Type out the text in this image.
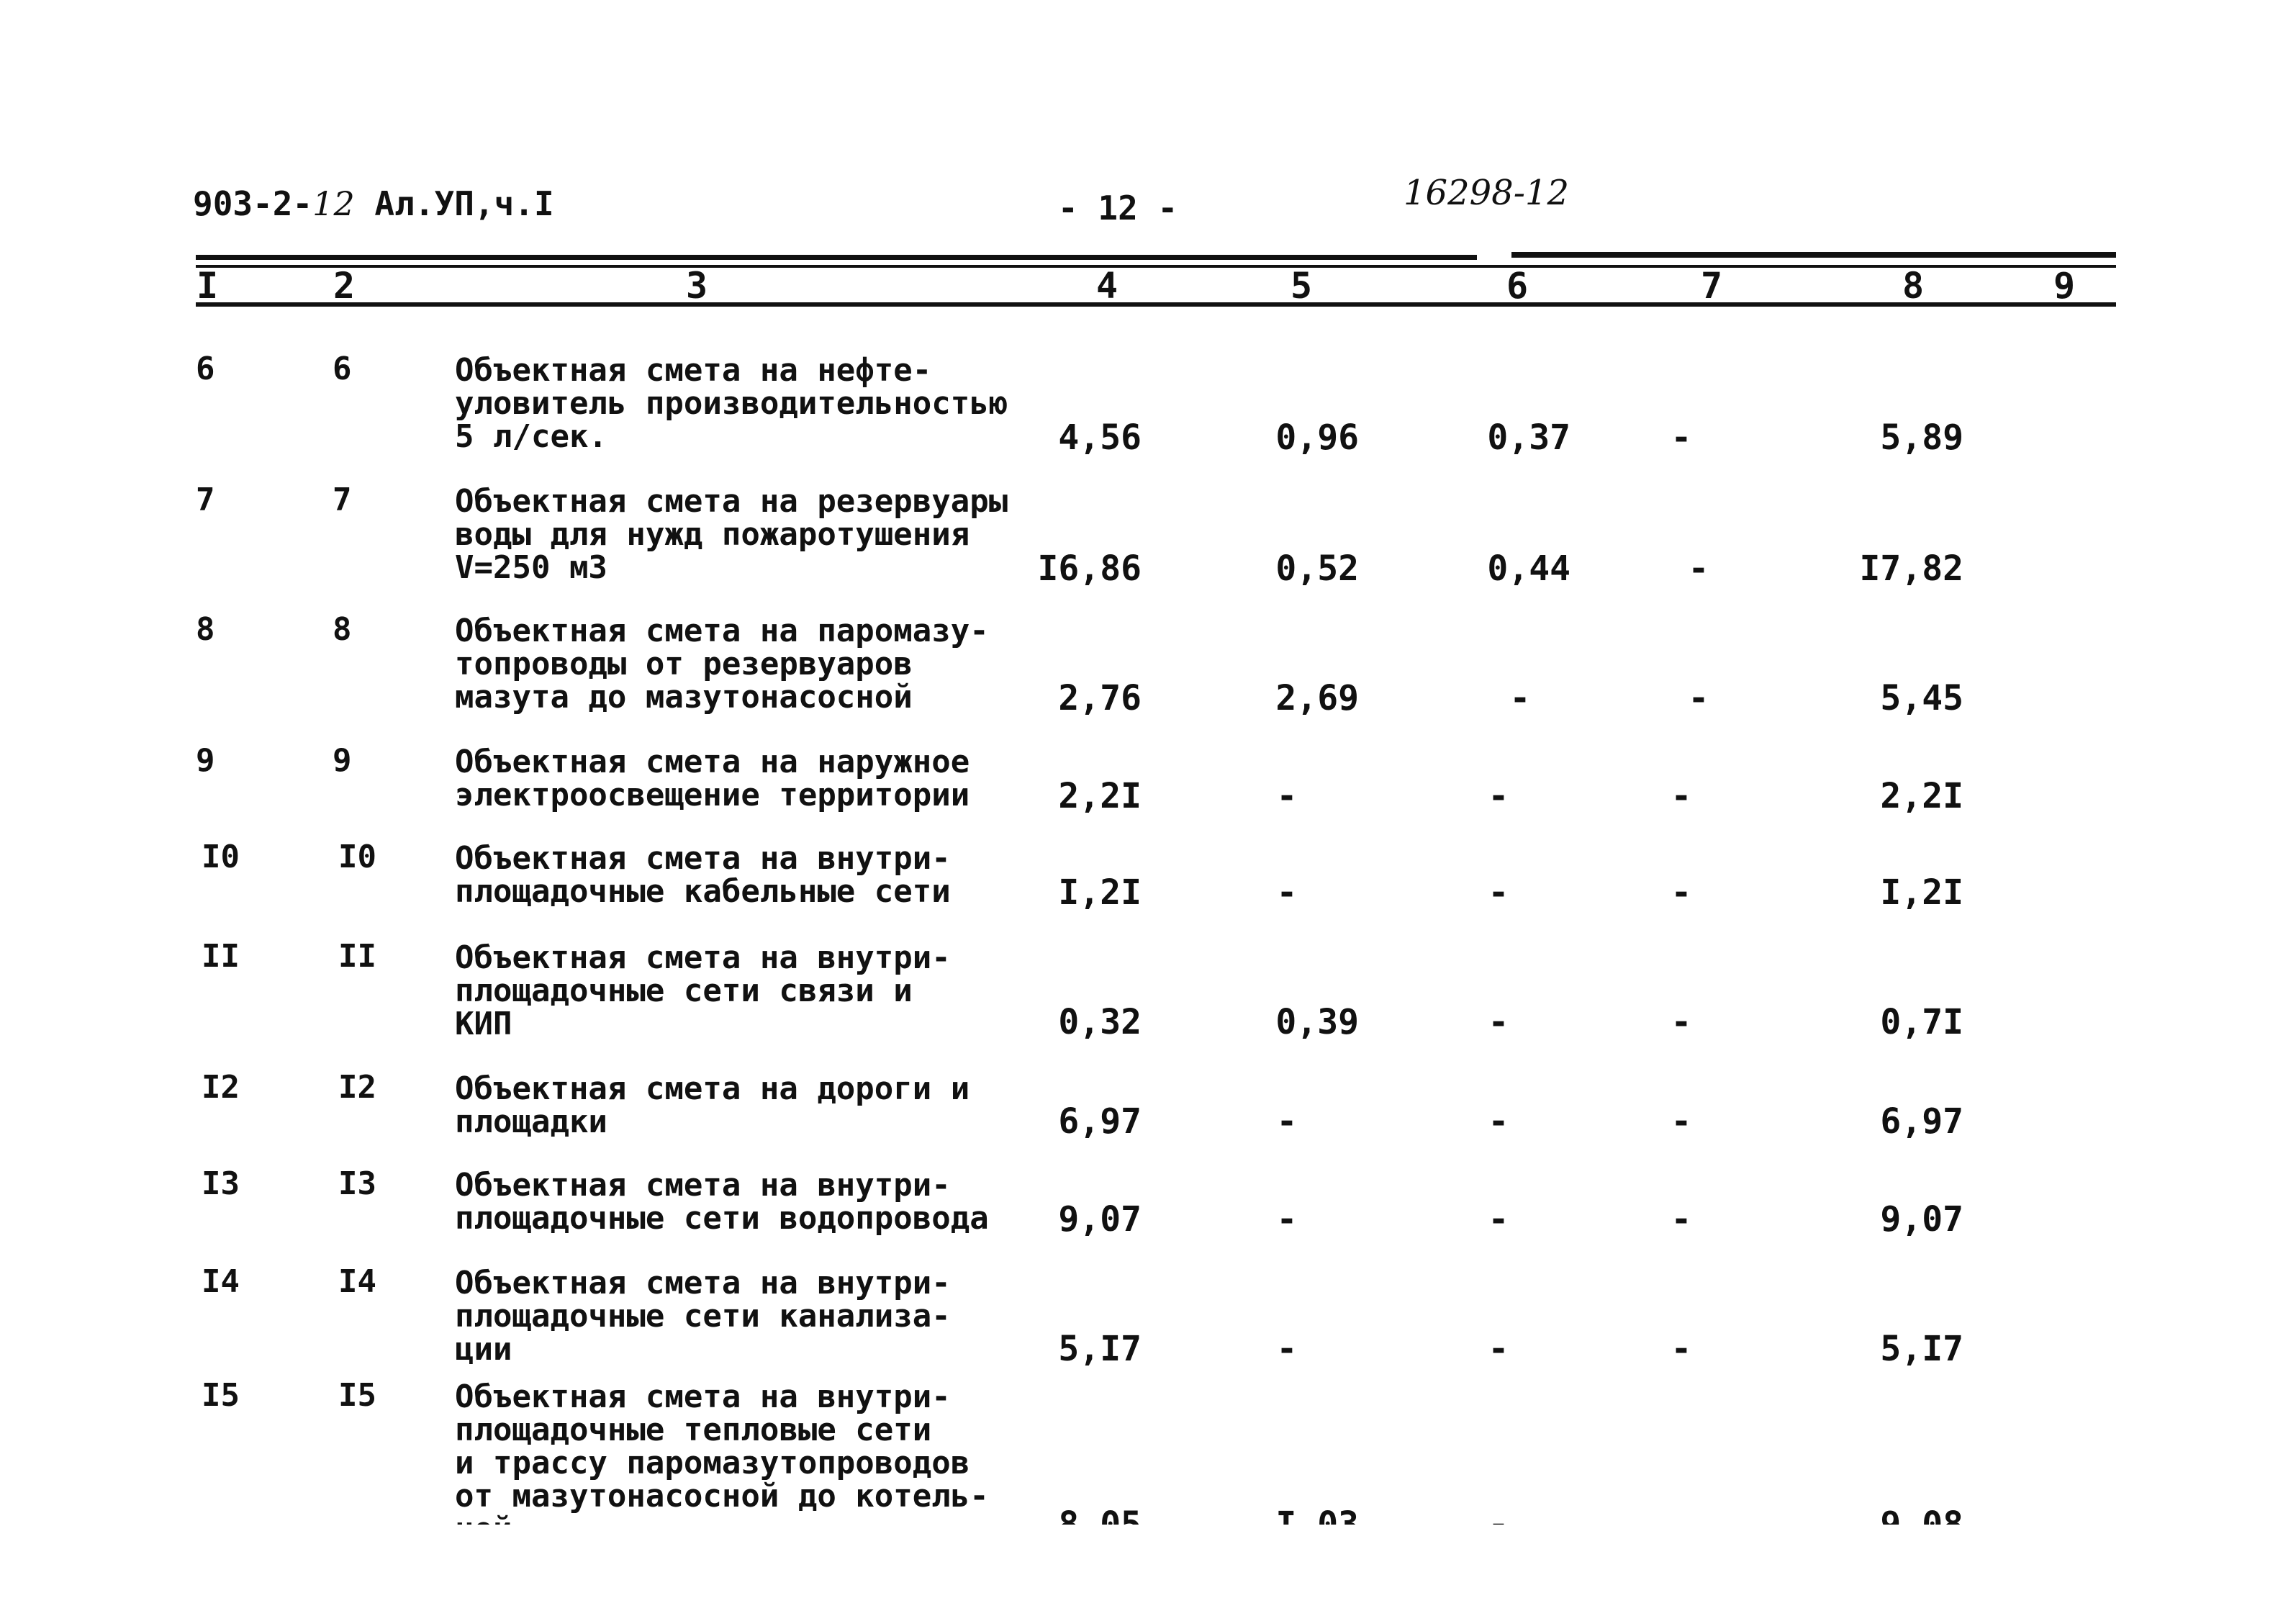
903-2-12 Ал.УП,ч.I	- 12 -	16298-12
I	2	3	4	5	6	7	8	9
6	6	Объектная смета на нефте-
уловитель производительностью
5 л/сек.	4,56	0,96	0,37	-	5,89
7	7	Объектная смета на резервуары
воды для нужд пожаротушения
V=250 м3	I6,86	0,52	0,44	-	I7,82
8	8	Объектная смета на паромазу-
топроводы от резервуаров
мазута до мазутонасосной	2,76	2,69	-	-	5,45
9	9	Объектная смета на наружное
электроосвещение территории	2,2I	-	-	-	2,2I
I0	I0 Объектная смета на внутри-
площадочные кабельные сети	I,2I	-	-	-	I,2I
II	II Объектная смета на внутри-
площадочные сети связи и
КИП	0,32	0,39	-	-	0,7I
I2	I2 Объектная смета на дороги и
площадки	6,97	-	-	-	6,97
I3	I3 Объектная смета на внутри-
площадочные сети водопровода	9,07	-	-	-	9,07
I4	I4 Объектная смета на внутри-
площадочные сети канализа-
ции	5,I7	-	-	-	5,I7
I5	I5 Объектная смета на внутри-
площадочные тепловые сети
и трассу паромазутопроводов
от мазутонасосной до котель-
